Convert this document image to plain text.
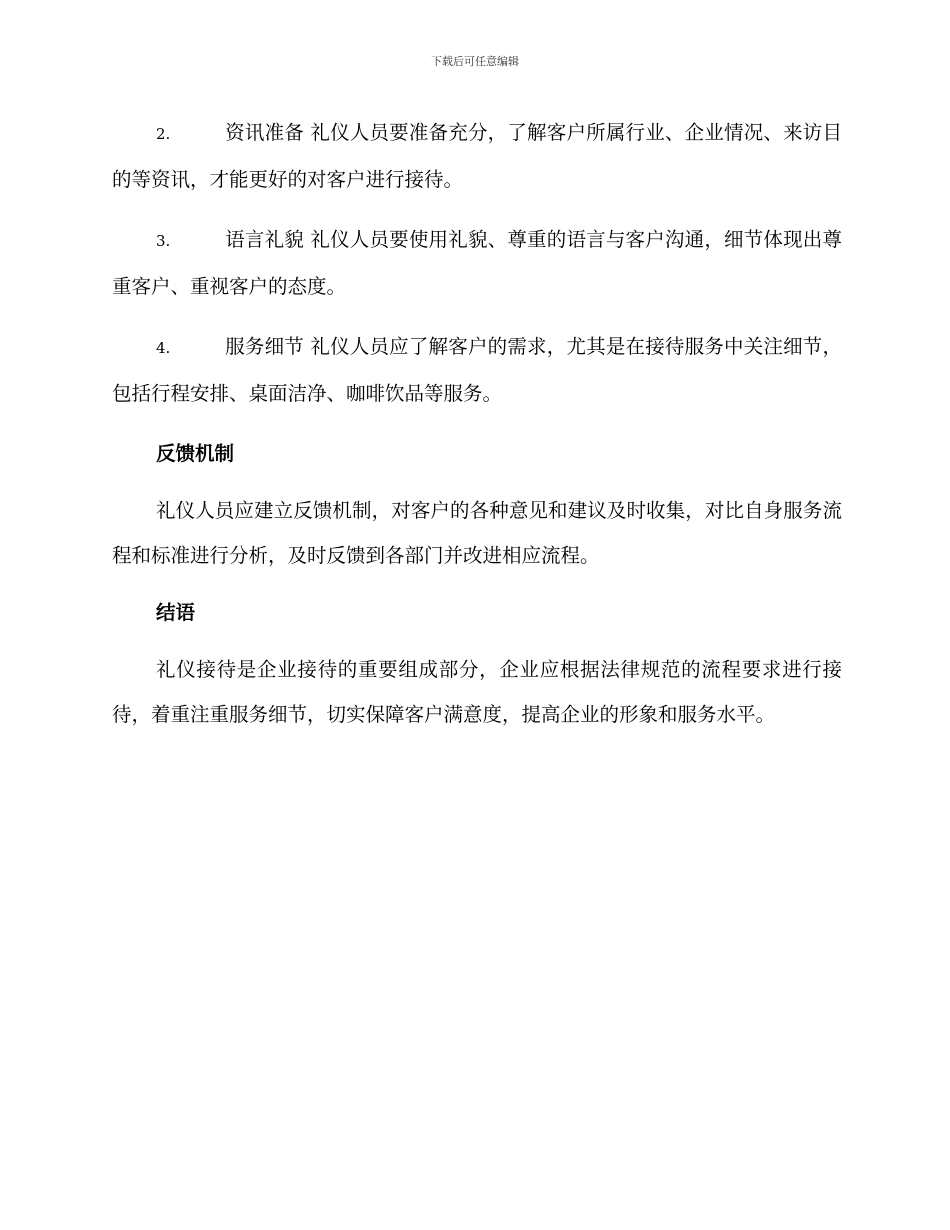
下载后可任意编辑

2.	资讯准备 礼仪人员要准备充分，了解客户所属行业、企业情况、来访目的等资讯，才能更好的对客户进行接待。

3.	语言礼貌 礼仪人员要使用礼貌、尊重的语言与客户沟通，细节体现出尊重客户、重视客户的态度。

4.	服务细节 礼仪人员应了解客户的需求，尤其是在接待服务中关注细节，包括行程安排、桌面洁净、咖啡饮品等服务。

反馈机制

礼仪人员应建立反馈机制，对客户的各种意见和建议及时收集，对比自身服务流程和标准进行分析，及时反馈到各部门并改进相应流程。

结语

礼仪接待是企业接待的重要组成部分，企业应根据法律规范的流程要求进行接待，着重注重服务细节，切实保障客户满意度，提高企业的形象和服务水平。
